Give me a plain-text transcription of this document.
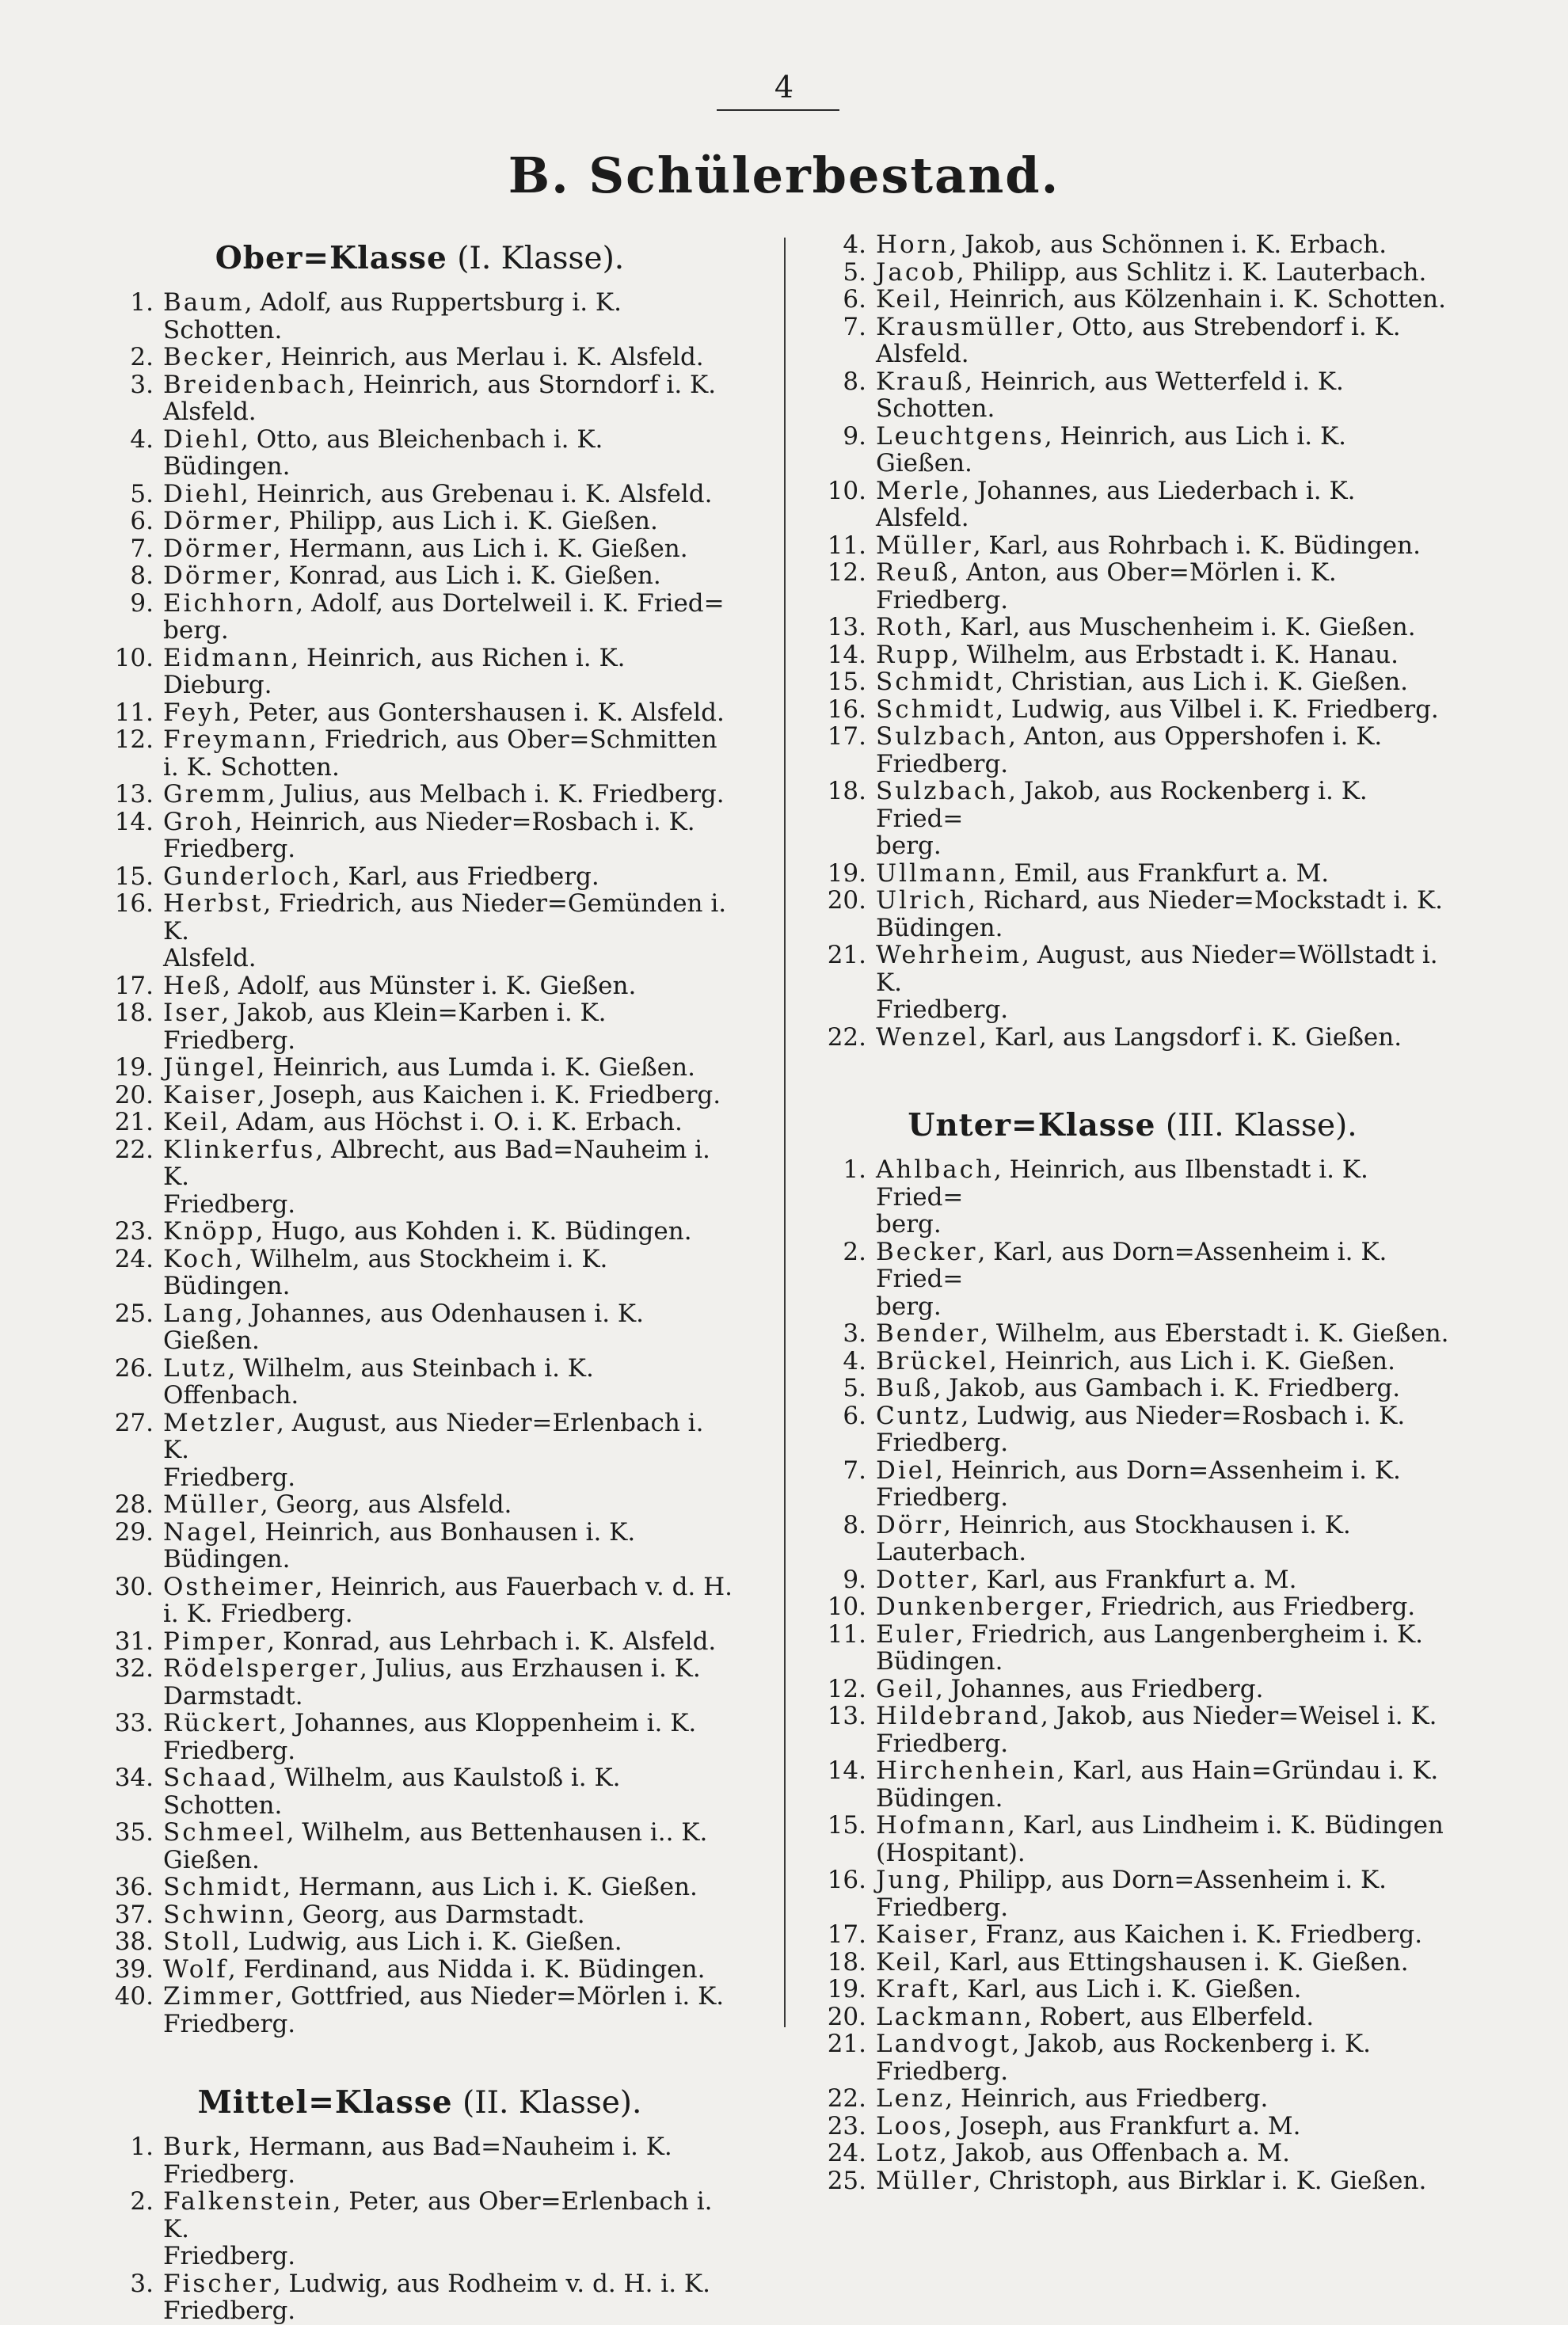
4
B. Schülerbestand.
Ober=Klasse (I. Klasse).
1. Baum, Adolf, aus Ruppertsburg i. K. Schotten.
2. Becker, Heinrich, aus Merlau i. K. Alsfeld.
3. Breidenbach, Heinrich, aus Storndorf i. K.
Alsfeld.
4. Diehl, Otto, aus Bleichenbach i. K. Büdingen.
5. Diehl, Heinrich, aus Grebenau i. K. Alsfeld.
6. Dörmer, Philipp, aus Lich i. K. Gießen.
7. Dörmer, Hermann, aus Lich i. K. Gießen.
8. Dörmer, Konrad, aus Lich i. K. Gießen.
9. Eichhorn, Adolf, aus Dortelweil i. K. Fried=
berg.
10. Eidmann, Heinrich, aus Richen i. K. Dieburg.
11. Feyh, Peter, aus Gontershausen i. K. Alsfeld.
12. Freymann, Friedrich, aus Ober=Schmitten
i. K. Schotten.
13. Gremm, Julius, aus Melbach i. K. Friedberg.
14. Groh, Heinrich, aus Nieder=Rosbach i. K.
Friedberg.
15. Gunderloch, Karl, aus Friedberg.
16. Herbst, Friedrich, aus Nieder=Gemünden i. K.
Alsfeld.
17. Heß, Adolf, aus Münster i. K. Gießen.
18. Iser, Jakob, aus Klein=Karben i. K. Friedberg.
19. Jüngel, Heinrich, aus Lumda i. K. Gießen.
20. Kaiser, Joseph, aus Kaichen i. K. Friedberg.
21. Keil, Adam, aus Höchst i. O. i. K. Erbach.
22. Klinkerfus, Albrecht, aus Bad=Nauheim i. K.
Friedberg.
23. Knöpp, Hugo, aus Kohden i. K. Büdingen.
24. Koch, Wilhelm, aus Stockheim i. K. Büdingen.
25. Lang, Johannes, aus Odenhausen i. K. Gießen.
26. Lutz, Wilhelm, aus Steinbach i. K. Offenbach.
27. Metzler, August, aus Nieder=Erlenbach i. K.
Friedberg.
28. Müller, Georg, aus Alsfeld.
29. Nagel, Heinrich, aus Bonhausen i. K. Büdingen.
30. Ostheimer, Heinrich, aus Fauerbach v. d. H.
i. K. Friedberg.
31. Pimper, Konrad, aus Lehrbach i. K. Alsfeld.
32. Rödelsperger, Julius, aus Erzhausen i. K.
Darmstadt.
33. Rückert, Johannes, aus Kloppenheim i. K.
Friedberg.
34. Schaad, Wilhelm, aus Kaulstoß i. K. Schotten.
35. Schmeel, Wilhelm, aus Bettenhausen i.. K.
Gießen.
36. Schmidt, Hermann, aus Lich i. K. Gießen.
37. Schwinn, Georg, aus Darmstadt.
38. Stoll, Ludwig, aus Lich i. K. Gießen.
39. Wolf, Ferdinand, aus Nidda i. K. Büdingen.
40. Zimmer, Gottfried, aus Nieder=Mörlen i. K.
Friedberg.
Mittel=Klasse (II. Klasse).
1. Burk, Hermann, aus Bad=Nauheim i. K.
Friedberg.
2. Falkenstein, Peter, aus Ober=Erlenbach i. K.
Friedberg.
3. Fischer, Ludwig, aus Rodheim v. d. H. i. K.
Friedberg.
4. Horn, Jakob, aus Schönnen i. K. Erbach.
5. Jacob, Philipp, aus Schlitz i. K. Lauterbach.
6. Keil, Heinrich, aus Kölzenhain i. K. Schotten.
7. Krausmüller, Otto, aus Strebendorf i. K.
Alsfeld.
8. Krauß, Heinrich, aus Wetterfeld i. K. Schotten.
9. Leuchtgens, Heinrich, aus Lich i. K. Gießen.
10. Merle, Johannes, aus Liederbach i. K. Alsfeld.
11. Müller, Karl, aus Rohrbach i. K. Büdingen.
12. Reuß, Anton, aus Ober=Mörlen i. K. Friedberg.
13. Roth, Karl, aus Muschenheim i. K. Gießen.
14. Rupp, Wilhelm, aus Erbstadt i. K. Hanau.
15. Schmidt, Christian, aus Lich i. K. Gießen.
16. Schmidt, Ludwig, aus Vilbel i. K. Friedberg.
17. Sulzbach, Anton, aus Oppershofen i. K.
Friedberg.
18. Sulzbach, Jakob, aus Rockenberg i. K. Fried=
berg.
19. Ullmann, Emil, aus Frankfurt a. M.
20. Ulrich, Richard, aus Nieder=Mockstadt i. K.
Büdingen.
21. Wehrheim, August, aus Nieder=Wöllstadt i. K.
Friedberg.
22. Wenzel, Karl, aus Langsdorf i. K. Gießen.
Unter=Klasse (III. Klasse).
1. Ahlbach, Heinrich, aus Ilbenstadt i. K. Fried=
berg.
2. Becker, Karl, aus Dorn=Assenheim i. K. Fried=
berg.
3. Bender, Wilhelm, aus Eberstadt i. K. Gießen.
4. Brückel, Heinrich, aus Lich i. K. Gießen.
5. Buß, Jakob, aus Gambach i. K. Friedberg.
6. Cuntz, Ludwig, aus Nieder=Rosbach i. K.
Friedberg.
7. Diel, Heinrich, aus Dorn=Assenheim i. K.
Friedberg.
8. Dörr, Heinrich, aus Stockhausen i. K. Lauterbach.
9. Dotter, Karl, aus Frankfurt a. M.
10. Dunkenberger, Friedrich, aus Friedberg.
11. Euler, Friedrich, aus Langenbergheim i. K.
Büdingen.
12. Geil, Johannes, aus Friedberg.
13. Hildebrand, Jakob, aus Nieder=Weisel i. K.
Friedberg.
14. Hirchenhein, Karl, aus Hain=Gründau i. K.
Büdingen.
15. Hofmann, Karl, aus Lindheim i. K. Büdingen
(Hospitant).
16. Jung, Philipp, aus Dorn=Assenheim i. K.
Friedberg.
17. Kaiser, Franz, aus Kaichen i. K. Friedberg.
18. Keil, Karl, aus Ettingshausen i. K. Gießen.
19. Kraft, Karl, aus Lich i. K. Gießen.
20. Lackmann, Robert, aus Elberfeld.
21. Landvogt, Jakob, aus Rockenberg i. K.
Friedberg.
22. Lenz, Heinrich, aus Friedberg.
23. Loos, Joseph, aus Frankfurt a. M.
24. Lotz, Jakob, aus Offenbach a. M.
25. Müller, Christoph, aus Birklar i. K. Gießen.
